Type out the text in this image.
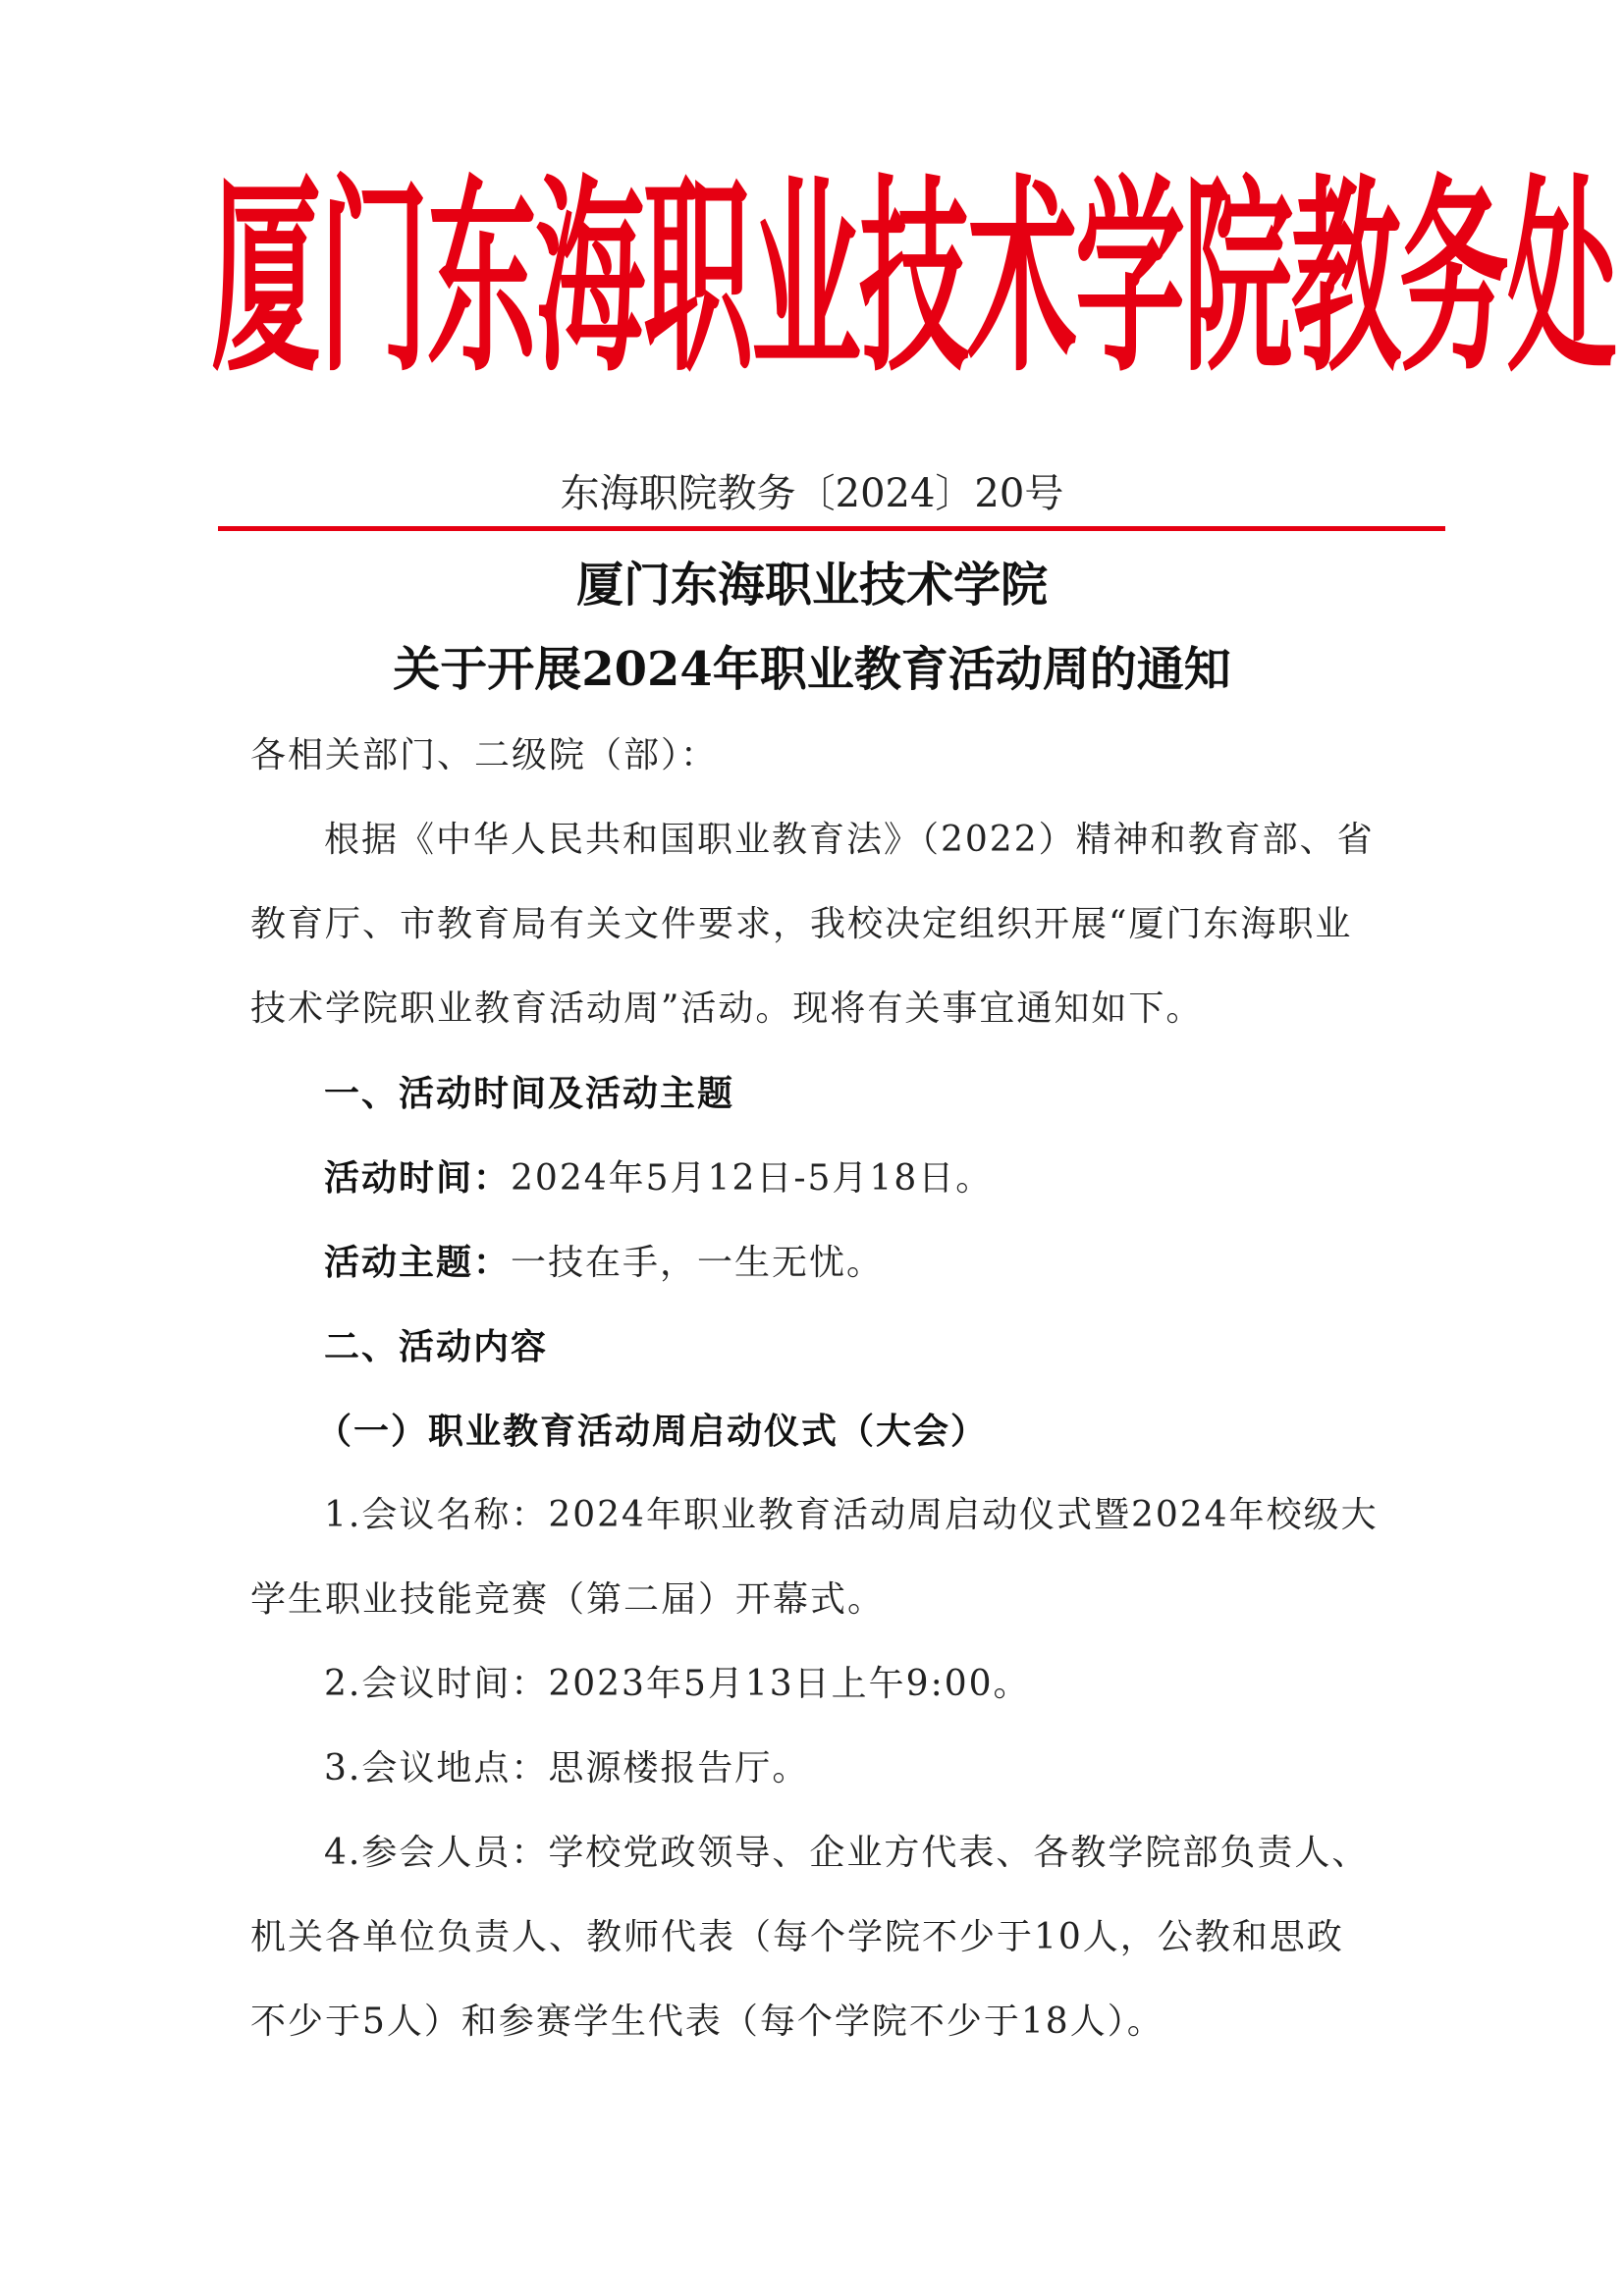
厦门东海职业技术学院教务处
东海职院教务〔2024〕20号
厦门东海职业技术学院
关于开展2024年职业教育活动周的通知
各相关部门、二级院（部）：
根据《中华人民共和国职业教育法》（2022）精神和教育部、省
教育厅、市教育局有关文件要求，我校决定组织开展“厦门东海职业
技术学院职业教育活动周”活动。现将有关事宜通知如下。
一、活动时间及活动主题
活动时间：2024年5月12日-5月18日。
活动主题：一技在手，一生无忧。
二、活动内容
（一）职业教育活动周启动仪式（大会）
1.会议名称：2024年职业教育活动周启动仪式暨2024年校级大
学生职业技能竞赛（第二届）开幕式。
2.会议时间：2023年5月13日上午9:00。
3.会议地点：思源楼报告厅。
4.参会人员：学校党政领导、企业方代表、各教学院部负责人、
机关各单位负责人、教师代表（每个学院不少于10人，公教和思政
不少于5人）和参赛学生代表（每个学院不少于18人）。
